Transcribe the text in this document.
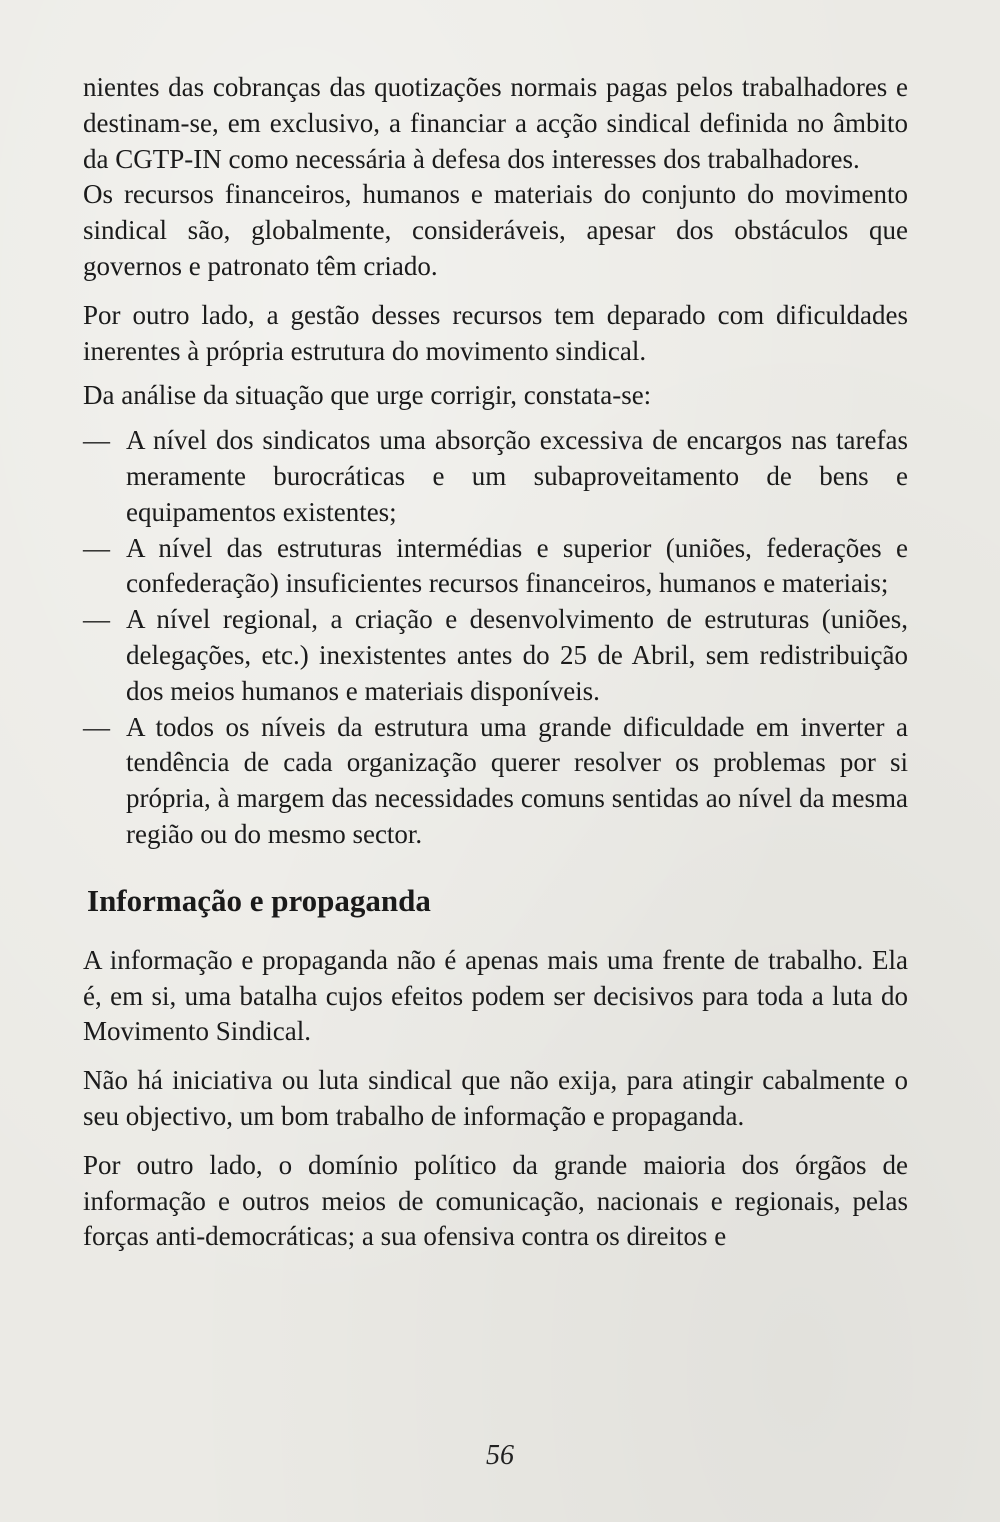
nientes das cobranças das quotizações normais pagas pelos trabalhadores e destinam-se, em exclusivo, a financiar a acção sindical definida no âmbito da CGTP-IN como necessária à defesa dos interesses dos trabalhadores.

Os recursos financeiros, humanos e materiais do conjunto do movimento sindical são, globalmente, consideráveis, apesar dos obstáculos que governos e patronato têm criado.

Por outro lado, a gestão desses recursos tem deparado com dificuldades inerentes à própria estrutura do movimento sindical.

Da análise da situação que urge corrigir, constata-se:

— A nível dos sindicatos uma absorção excessiva de encargos nas tarefas meramente burocráticas e um subaproveitamento de bens e equipamentos existentes;

— A nível das estruturas intermédias e superior (uniões, federações e confederação) insuficientes recursos financeiros, humanos e materiais;

— A nível regional, a criação e desenvolvimento de estruturas (uniões, delegações, etc.) inexistentes antes do 25 de Abril, sem redistribuição dos meios humanos e materiais disponíveis.

— A todos os níveis da estrutura uma grande dificuldade em inverter a tendência de cada organização querer resolver os problemas por si própria, à margem das necessidades comuns sentidas ao nível da mesma região ou do mesmo sector.

Informação e propaganda

A informação e propaganda não é apenas mais uma frente de trabalho. Ela é, em si, uma batalha cujos efeitos podem ser decisivos para toda a luta do Movimento Sindical.

Não há iniciativa ou luta sindical que não exija, para atingir cabalmente o seu objectivo, um bom trabalho de informação e propaganda.

Por outro lado, o domínio político da grande maioria dos órgãos de informação e outros meios de comunicação, nacionais e regionais, pelas forças anti-democráticas; a sua ofensiva contra os direitos e

56
